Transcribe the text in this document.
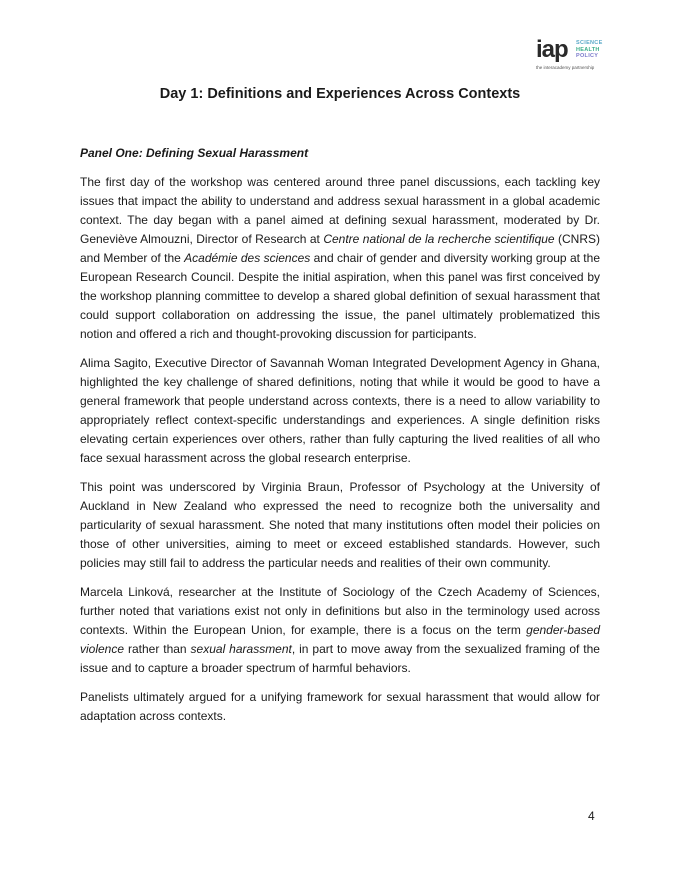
iap SCIENCE
HEALTH
POLICY
the interacademy partnership
Day 1: Definitions and Experiences Across Contexts

Panel One: Defining Sexual Harassment

The first day of the workshop was centered around three panel discussions, each tackling key issues that impact the ability to understand and address sexual harassment in a global academic context. The day began with a panel aimed at defining sexual harassment, moderated by Dr. Geneviève Almouzni, Director of Research at Centre national de la recherche scientifique (CNRS) and Member of the Académie des sciences and chair of gender and diversity working group at the European Research Council. Despite the initial aspiration, when this panel was first conceived by the workshop planning committee to develop a shared global definition of sexual harassment that could support collaboration on addressing the issue, the panel ultimately problematized this notion and offered a rich and thought-provoking discussion for participants.

Alima Sagito, Executive Director of Savannah Woman Integrated Development Agency in Ghana, highlighted the key challenge of shared definitions, noting that while it would be good to have a general framework that people understand across contexts, there is a need to allow variability to appropriately reflect context-specific understandings and experiences. A single definition risks elevating certain experiences over others, rather than fully capturing the lived realities of all who face sexual harassment across the global research enterprise.

This point was underscored by Virginia Braun, Professor of Psychology at the University of Auckland in New Zealand who expressed the need to recognize both the universality and particularity of sexual harassment. She noted that many institutions often model their policies on those of other universities, aiming to meet or exceed established standards. However, such policies may still fail to address the particular needs and realities of their own community.

Marcela Linková, researcher at the Institute of Sociology of the Czech Academy of Sciences, further noted that variations exist not only in definitions but also in the terminology used across contexts. Within the European Union, for example, there is a focus on the term gender-based violence rather than sexual harassment, in part to move away from the sexualized framing of the issue and to capture a broader spectrum of harmful behaviors.

Panelists ultimately argued for a unifying framework for sexual harassment that would allow for adaptation across contexts.

4
